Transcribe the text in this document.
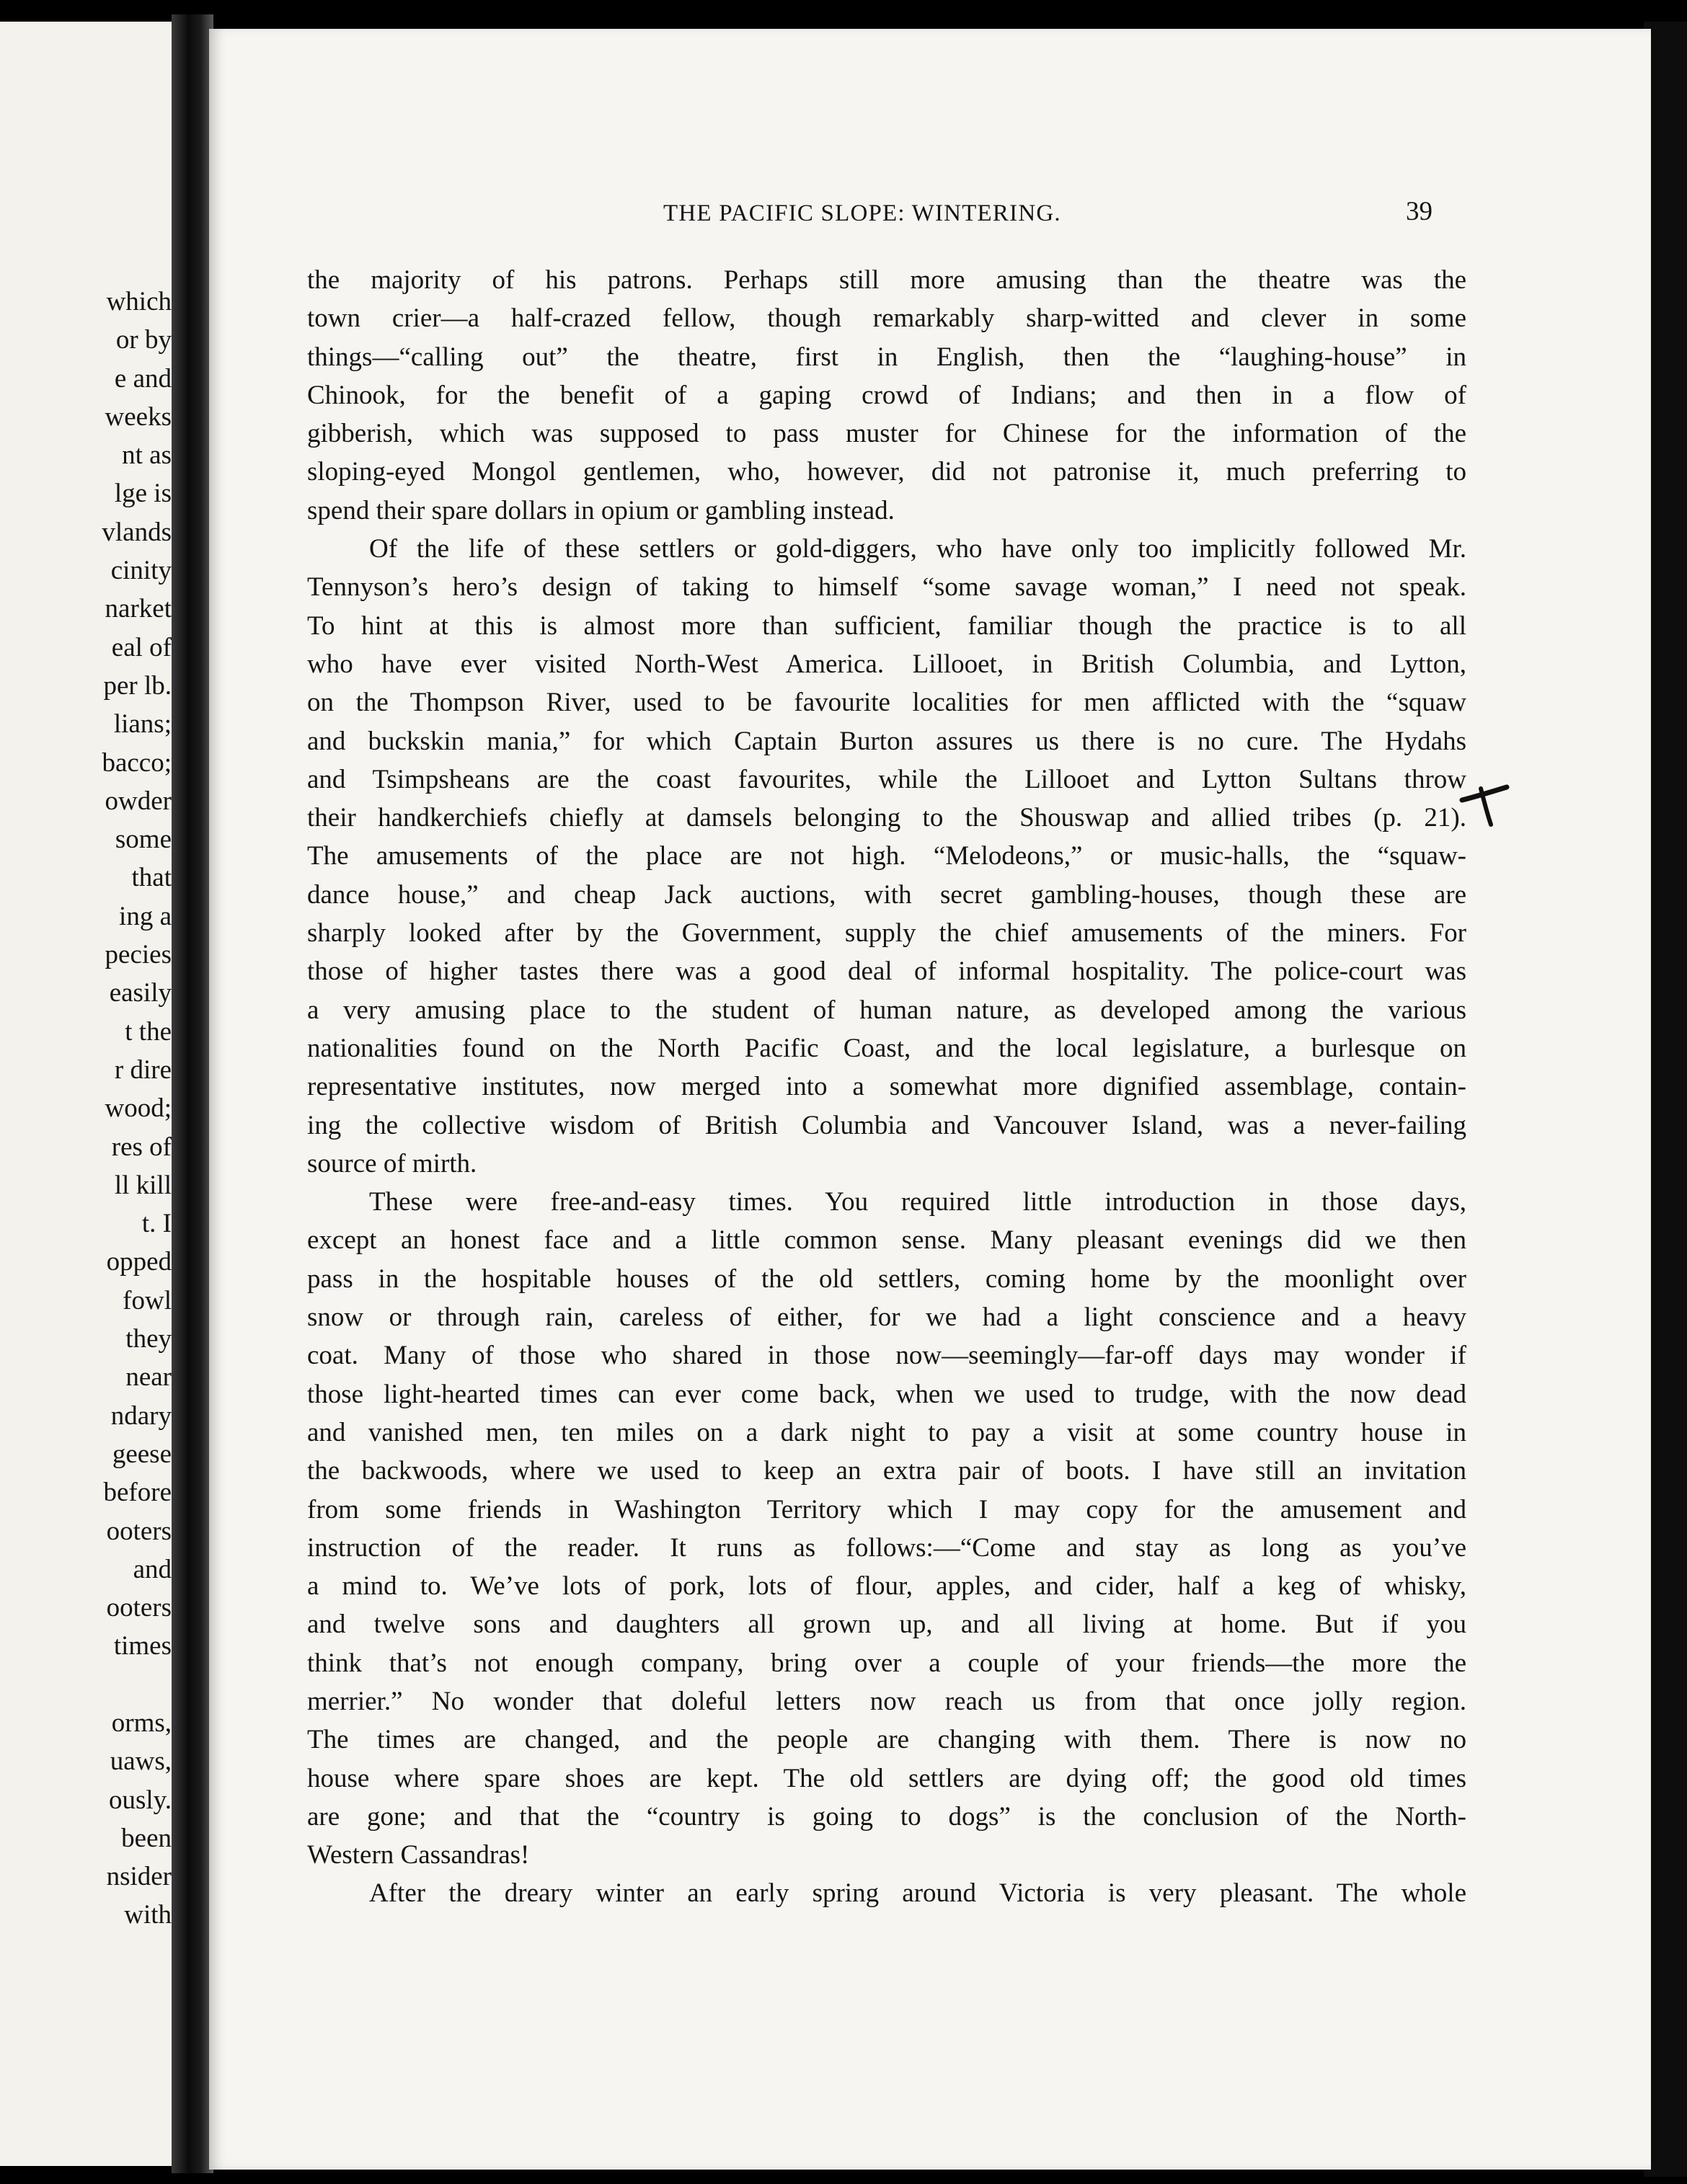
which
or by
e and
weeks
nt as
lge is
vlands
cinity
narket
eal of
per lb.
lians;
bacco;
owder
some
that
ing a
pecies
easily
t the
r dire
wood;
res of
ll kill
t. I
opped
fowl
they
near
ndary
geese
before
ooters
and
ooters
times
orms,
uaws,
ously.
been
nsider
with
THE PACIFIC SLOPE: WINTERING.	39
the majority of his patrons. Perhaps still more amusing than the theatre was the
town crier—a half-crazed fellow, though remarkably sharp-witted and clever in some
things—“calling out” the theatre, first in English, then the “laughing-house” in
Chinook, for the benefit of a gaping crowd of Indians; and then in a flow of
gibberish, which was supposed to pass muster for Chinese for the information of the
sloping-eyed Mongol gentlemen, who, however, did not patronise it, much preferring to
spend their spare dollars in opium or gambling instead.
Of the life of these settlers or gold-diggers, who have only too implicitly followed Mr.
Tennyson’s hero’s design of taking to himself “some savage woman,” I need not speak.
To hint at this is almost more than sufficient, familiar though the practice is to all
who have ever visited North-West America. Lillooet, in British Columbia, and Lytton,
on the Thompson River, used to be favourite localities for men afflicted with the “squaw
and buckskin mania,” for which Captain Burton assures us there is no cure. The Hydahs
and Tsimpsheans are the coast favourites, while the Lillooet and Lytton Sultans throw
their handkerchiefs chiefly at damsels belonging to the Shouswap and allied tribes (p. 21).
The amusements of the place are not high. “Melodeons,” or music-halls, the “squaw-
dance house,” and cheap Jack auctions, with secret gambling-houses, though these are
sharply looked after by the Government, supply the chief amusements of the miners. For
those of higher tastes there was a good deal of informal hospitality. The police-court was
a very amusing place to the student of human nature, as developed among the various
nationalities found on the North Pacific Coast, and the local legislature, a burlesque on
representative institutes, now merged into a somewhat more dignified assemblage, contain-
ing the collective wisdom of British Columbia and Vancouver Island, was a never-failing
source of mirth.
These were free-and-easy times. You required little introduction in those days,
except an honest face and a little common sense. Many pleasant evenings did we then
pass in the hospitable houses of the old settlers, coming home by the moonlight over
snow or through rain, careless of either, for we had a light conscience and a heavy
coat. Many of those who shared in those now—seemingly—far-off days may wonder if
those light-hearted times can ever come back, when we used to trudge, with the now dead
and vanished men, ten miles on a dark night to pay a visit at some country house in
the backwoods, where we used to keep an extra pair of boots. I have still an invitation
from some friends in Washington Territory which I may copy for the amusement and
instruction of the reader. It runs as follows:—“Come and stay as long as you’ve
a mind to. We’ve lots of pork, lots of flour, apples, and cider, half a keg of whisky,
and twelve sons and daughters all grown up, and all living at home. But if you
think that’s not enough company, bring over a couple of your friends—the more the
merrier.” No wonder that doleful letters now reach us from that once jolly region.
The times are changed, and the people are changing with them. There is now no
house where spare shoes are kept. The old settlers are dying off; the good old times
are gone; and that the “country is going to dogs” is the conclusion of the North-
Western Cassandras!
After the dreary winter an early spring around Victoria is very pleasant. The whole
